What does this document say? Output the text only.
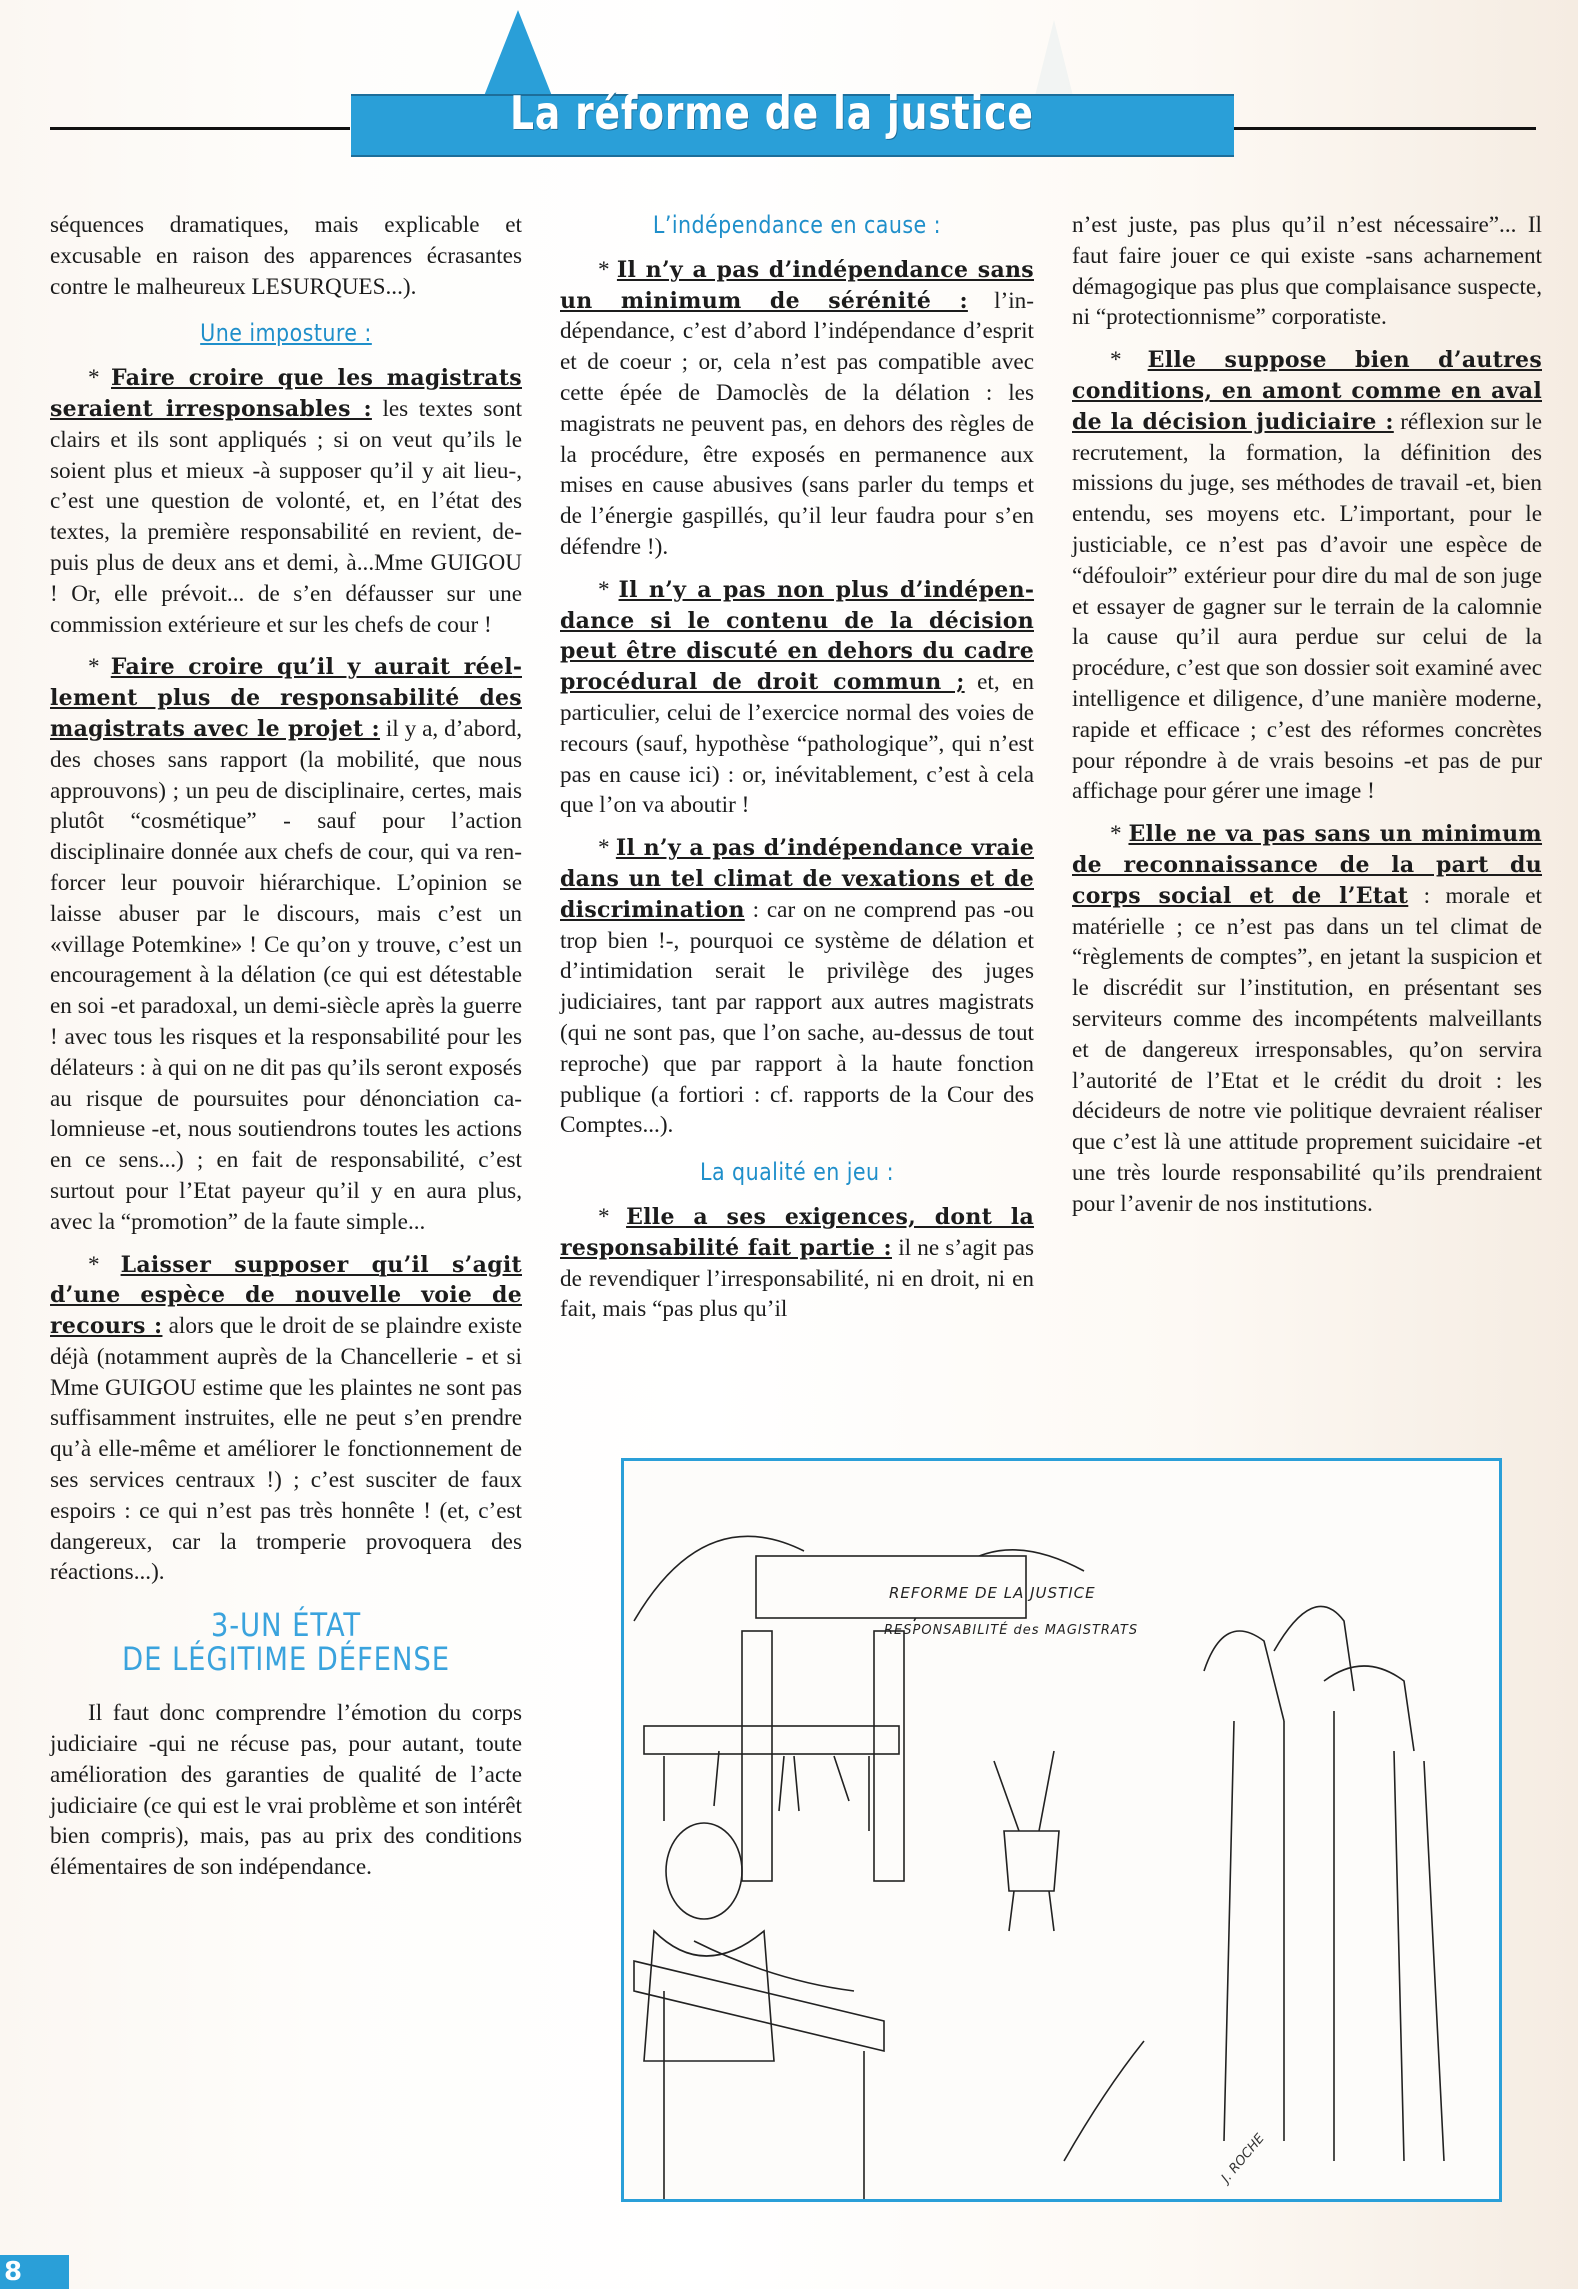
La réforme de la justice

séquences dramatiques, mais explicable et excusable en raison des apparences écrasantes contre le malheureux LESURQUES...).

Une imposture :

* Faire croire que les magistrats seraient irresponsables : les textes sont clairs et ils sont appliqués ; si on veut qu’ils le soient plus et mieux -à supposer qu’il y ait lieu-, c’est une question de volonté, et, en l’état des textes, la première responsabilité en revient, depuis plus de deux ans et demi, à...Mme GUIGOU ! Or, elle prévoit... de s’en défausser sur une commission extérieure et sur les chefs de cour !

* Faire croire qu’il y aurait réellement plus de responsabilité des magistrats avec le projet : il y a, d’abord, des choses sans rapport (la mobilité, que nous approuvons) ; un peu de disciplinaire, certes, mais plutôt “cosmétique” - sauf pour l’action disciplinaire donnée aux chefs de cour, qui va renforcer leur pouvoir hiérarchique. L’opinion se laisse abuser par le discours, mais c’est un «village Potemkine» ! Ce qu’on y trouve, c’est un encouragement à la délation (ce qui est détestable en soi -et paradoxal, un demi-siècle après la guerre ! avec tous les risques et la responsabilité pour les délateurs : à qui on ne dit pas qu’ils seront exposés au risque de poursuites pour dénonciation calomnieuse -et, nous soutiendrons toutes les actions en ce sens...) ; en fait de responsabilité, c’est surtout pour l’Etat payeur qu’il y en aura plus, avec la “promotion” de la faute simple...

* Laisser supposer qu’il s’agit d’une espèce de nouvelle voie de recours : alors que le droit de se plaindre existe déjà (notamment auprès de la Chancellerie - et si Mme GUIGOU estime que les plaintes ne sont pas suffisamment instruites, elle ne peut s’en prendre qu’à elle-même et améliorer le fonctionnement de ses services centraux !) ; c’est susciter de faux espoirs : ce qui n’est pas très honnête ! (et, c’est dangereux, car la tromperie provoquera des réactions...).

3-UN ÉTAT
DE LÉGITIME DÉFENSE

Il faut donc comprendre l’émotion du corps judiciaire -qui ne récuse pas, pour autant, toute amélioration des garanties de qualité de l’acte judiciaire (ce qui est le vrai problème et son intérêt bien compris), mais, pas au prix des conditions élémentaires de son indépendance.

L’indépendance en cause :

* Il n’y a pas d’indépendance sans un minimum de sérénité : l’indépendance, c’est d’abord l’indépendance d’esprit et de coeur ; or, cela n’est pas compatible avec cette épée de Damoclès de la délation : les magistrats ne peuvent pas, en dehors des règles de la procédure, être exposés en permanence aux mises en cause abusives (sans parler du temps et de l’énergie gaspillés, qu’il leur faudra pour s’en défendre !).

* Il n’y a pas non plus d’indépendance si le contenu de la décision peut être discuté en dehors du cadre procédural de droit commun ; et, en particulier, celui de l’exercice normal des voies de recours (sauf, hypothèse “pathologique”, qui n’est pas en cause ici) : or, inévitablement, c’est à cela que l’on va aboutir !

* Il n’y a pas d’indépendance vraie dans un tel climat de vexations et de discrimination : car on ne comprend pas -ou trop bien !-, pourquoi ce système de délation et d’intimidation serait le privilège des juges judiciaires, tant par rapport aux autres magistrats (qui ne sont pas, que l’on sache, au-dessus de tout reproche) que par rapport à la haute fonction publique (a fortiori : cf. rapports de la Cour des Comptes...).

La qualité en jeu :

* Elle a ses exigences, dont la responsabilité fait partie : il ne s’agit pas de revendiquer l’irresponsabilité, ni en droit, ni en fait, mais “pas plus qu’il

n’est juste, pas plus qu’il n’est nécessaire”... Il faut faire jouer ce qui existe -sans acharnement démagogique pas plus que complaisance suspecte, ni “protectionnisme” corporatiste.

* Elle suppose bien d’autres conditions, en amont comme en aval de la décision judiciaire : réflexion sur le recrutement, la formation, la définition des missions du juge, ses méthodes de travail -et, bien entendu, ses moyens etc. L’important, pour le justiciable, ce n’est pas d’avoir une espèce de “défouloir” extérieur pour dire du mal de son juge et essayer de gagner sur le terrain de la calomnie la cause qu’il aura perdue sur celui de la procédure, c’est que son dossier soit examiné avec intelligence et diligence, d’une manière moderne, rapide et efficace ; c’est des réformes concrètes pour répondre à de vrais besoins -et pas de pur affichage pour gérer une image !

* Elle ne va pas sans un minimum de reconnaissance de la part du corps social et de l’Etat : morale et matérielle ; ce n’est pas dans un tel climat de “règlements de comptes”, en jetant la suspicion et le discrédit sur l’institution, en présentant ses serviteurs comme des incompétents malveillants et de dangereux irresponsables, qu’on servira l’autorité de l’Etat et le crédit du droit : les décideurs de notre vie politique devraient réaliser que c’est là une attitude proprement suicidaire -et une très lourde responsabilité qu’ils prendraient pour l’avenir de nos institutions.

REFORME DE LA JUSTICE
RESPONSABILITÉ des MAGISTRATS
J. ROCHE
8
